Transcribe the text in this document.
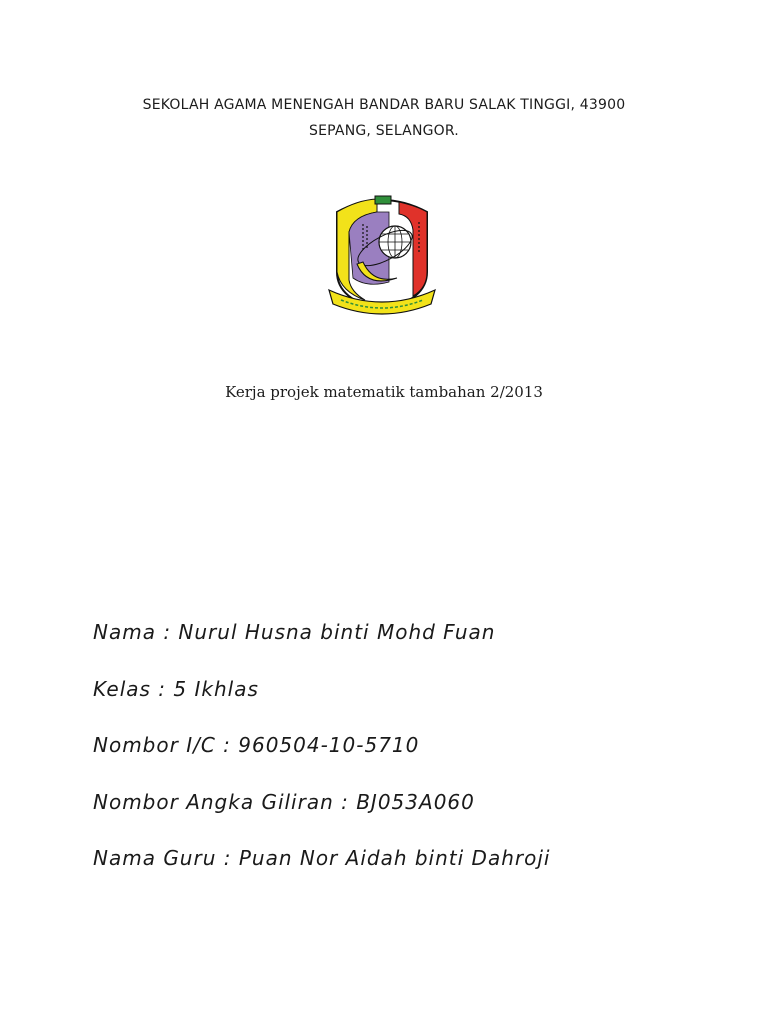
SEKOLAH AGAMA MENENGAH BANDAR BARU SALAK TINGGI, 43900
SEPANG, SELANGOR.
Kerja projek matematik tambahan 2/2013
Nama : Nurul Husna binti Mohd Fuan
Kelas : 5 Ikhlas
Nombor I/C : 960504-10-5710
Nombor Angka Giliran : BJ053A060
Nama Guru : Puan Nor Aidah binti Dahroji
